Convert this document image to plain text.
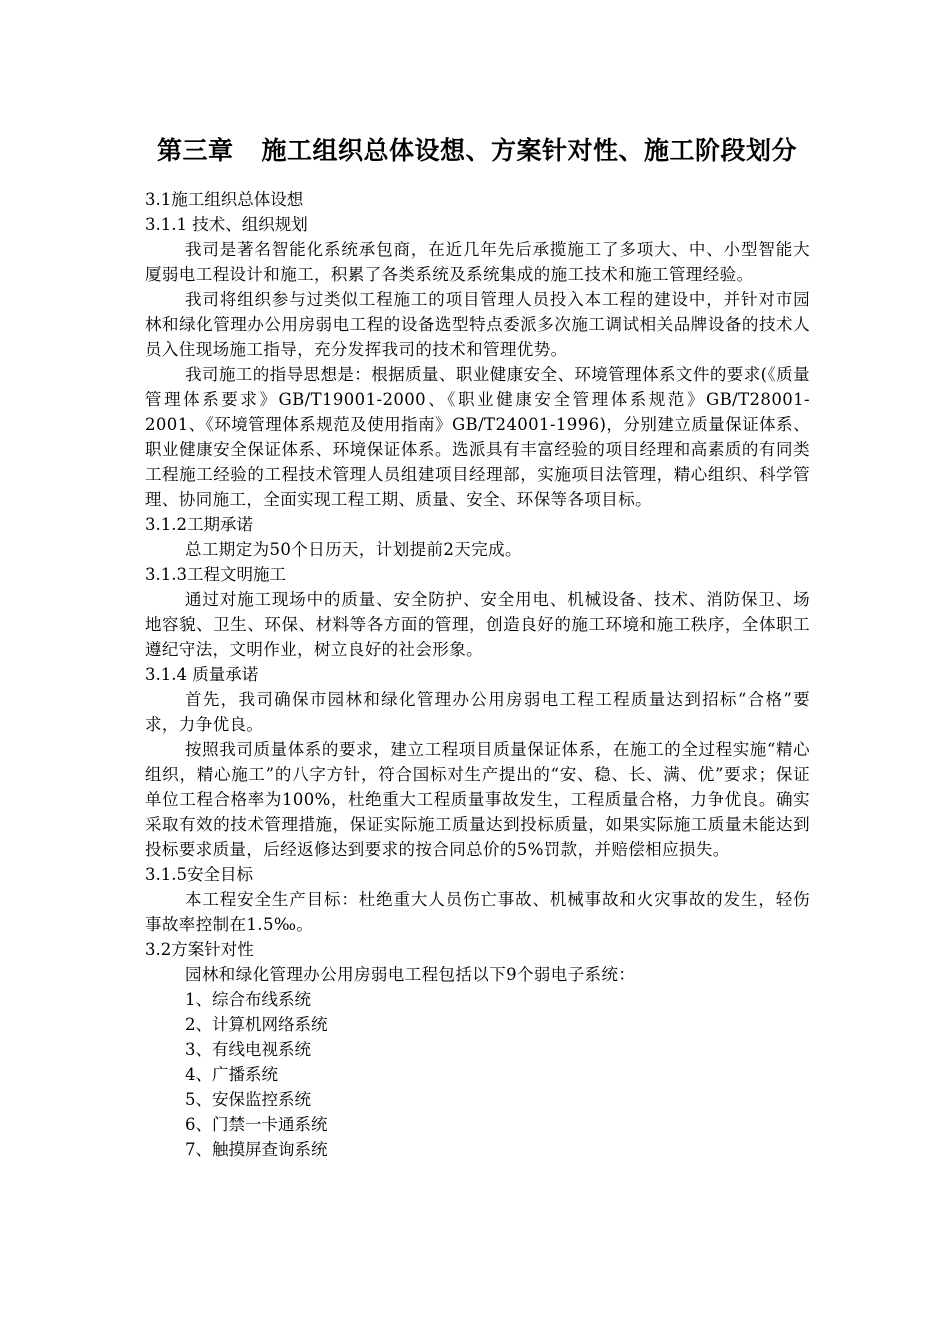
第三章 施工组织总体设想、方案针对性、施工阶段划分
3.1施工组织总体设想
3.1.1 技术、组织规划
我司是著名智能化系统承包商，在近几年先后承揽施工了多项大、中、小型智能大厦弱电工程设计和施工，积累了各类系统及系统集成的施工技术和施工管理经验。
我司将组织参与过类似工程施工的项目管理人员投入本工程的建设中，并针对市园林和绿化管理办公用房弱电工程的设备选型特点委派多次施工调试相关品牌设备的技术人员入住现场施工指导，充分发挥我司的技术和管理优势。
我司施工的指导思想是：根据质量、职业健康安全、环境管理体系文件的要求(《质量管理体系要求》GB/T19001-2000、《职业健康安全管理体系规范》GB/T28001-2001、《环境管理体系规范及使用指南》GB/T24001-1996)，分别建立质量保证体系、职业健康安全保证体系、环境保证体系。选派具有丰富经验的项目经理和高素质的有同类工程施工经验的工程技术管理人员组建项目经理部，实施项目法管理，精心组织、科学管理、协同施工，全面实现工程工期、质量、安全、环保等各项目标。
3.1.2工期承诺
总工期定为50个日历天，计划提前2天完成。
3.1.3工程文明施工
通过对施工现场中的质量、安全防护、安全用电、机械设备、技术、消防保卫、场地容貌、卫生、环保、材料等各方面的管理，创造良好的施工环境和施工秩序，全体职工遵纪守法，文明作业，树立良好的社会形象。
3.1.4 质量承诺
首先，我司确保市园林和绿化管理办公用房弱电工程工程质量达到招标“合格”要求，力争优良。
按照我司质量体系的要求，建立工程项目质量保证体系，在施工的全过程实施“精心组织，精心施工”的八字方针，符合国标对生产提出的“安、稳、长、满、优”要求；保证单位工程合格率为100%，杜绝重大工程质量事故发生，工程质量合格，力争优良。确实采取有效的技术管理措施，保证实际施工质量达到投标质量，如果实际施工质量未能达到投标要求质量，后经返修达到要求的按合同总价的5%罚款，并赔偿相应损失。
3.1.5安全目标
本工程安全生产目标：杜绝重大人员伤亡事故、机械事故和火灾事故的发生，轻伤事故率控制在1.5‰。
3.2方案针对性
园林和绿化管理办公用房弱电工程包括以下9个弱电子系统：
1、综合布线系统
2、计算机网络系统
3、有线电视系统
4、广播系统
5、安保监控系统
6、门禁一卡通系统
7、触摸屏查询系统
